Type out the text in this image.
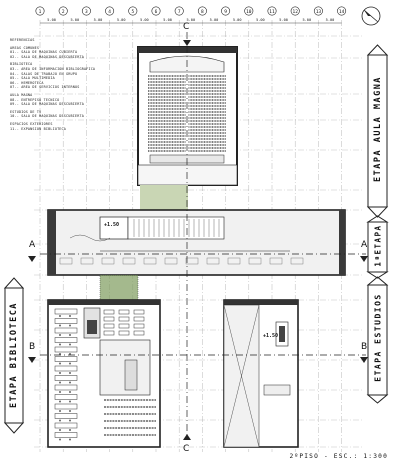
1	2	3	4	5	6	7	8	9	10	11	12	13	14
5.00	5.00	5.00	5.00	5.00	5.00	5.00	5.00	5.00	5.00	5.00	5.00	5.00
REFERENCIAS
AREAS COMUNES
01.- SALA DE MAQUINAS CUBIERTA
02.- SALA DE MAQUINAS DESCUBIERTA
BIBLIOTECA
03.- AREA DE INFORMACION BIBLIOGRAFICA
04.- SALAS DE TRABAJO EN GRUPO
05.- SALA MULTIMEDIA
06.- HEMEROTECA
07.- AREA DE SERVICIOS INTERNOS
AULA MAGNA
08.- ENTREPISO TECNICO
09.- SALA DE MAQUINAS DESCUBIERTA
ESTUDIOS DE TV
10.- SALA DE MAQUINAS DESCUBIERTA
ESPACIOS EXTERIORES
11.- EXPANSION BIBLIOTECA
C
C
A	A
B	B
+1.50
+1.50
ETAPA AULA MAGNA
1ªETAPA
ETAPA ESTUDIOS
ETAPA BIBLIOTECA
2ºPISO - ESC.: 1:300
